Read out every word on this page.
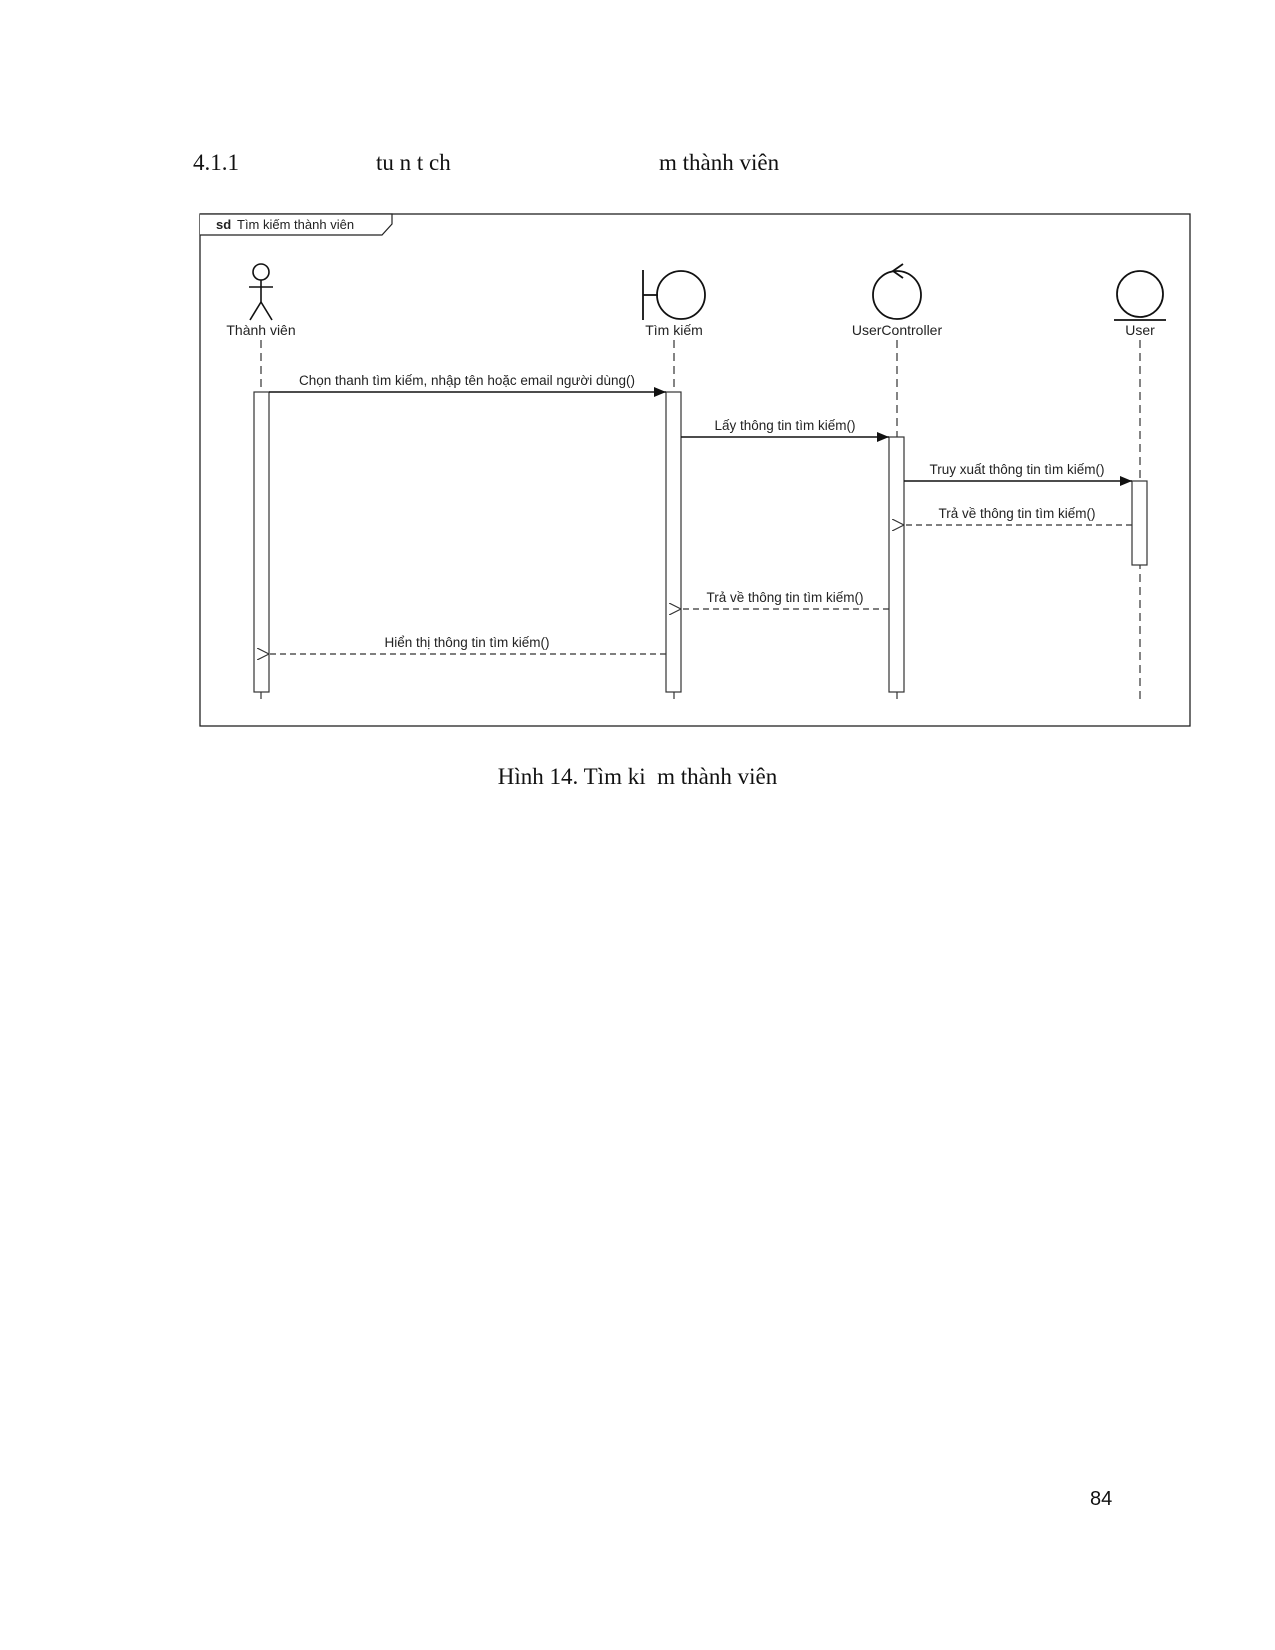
4.1.1	tu n t ch	m thành viên
sd Tìm kiếm thành viên
Thành viên	Tìm kiếm	UserController	User
Chọn thanh tìm kiếm, nhập tên hoặc email người dùng()
Lấy thông tin tìm kiếm()
Truy xuất thông tin tìm kiếm()
Trả về thông tin tìm kiếm()
Trả về thông tin tìm kiếm()
Hiển thị thông tin tìm kiếm()
Hình 14. Tìm ki  m thành viên
84
